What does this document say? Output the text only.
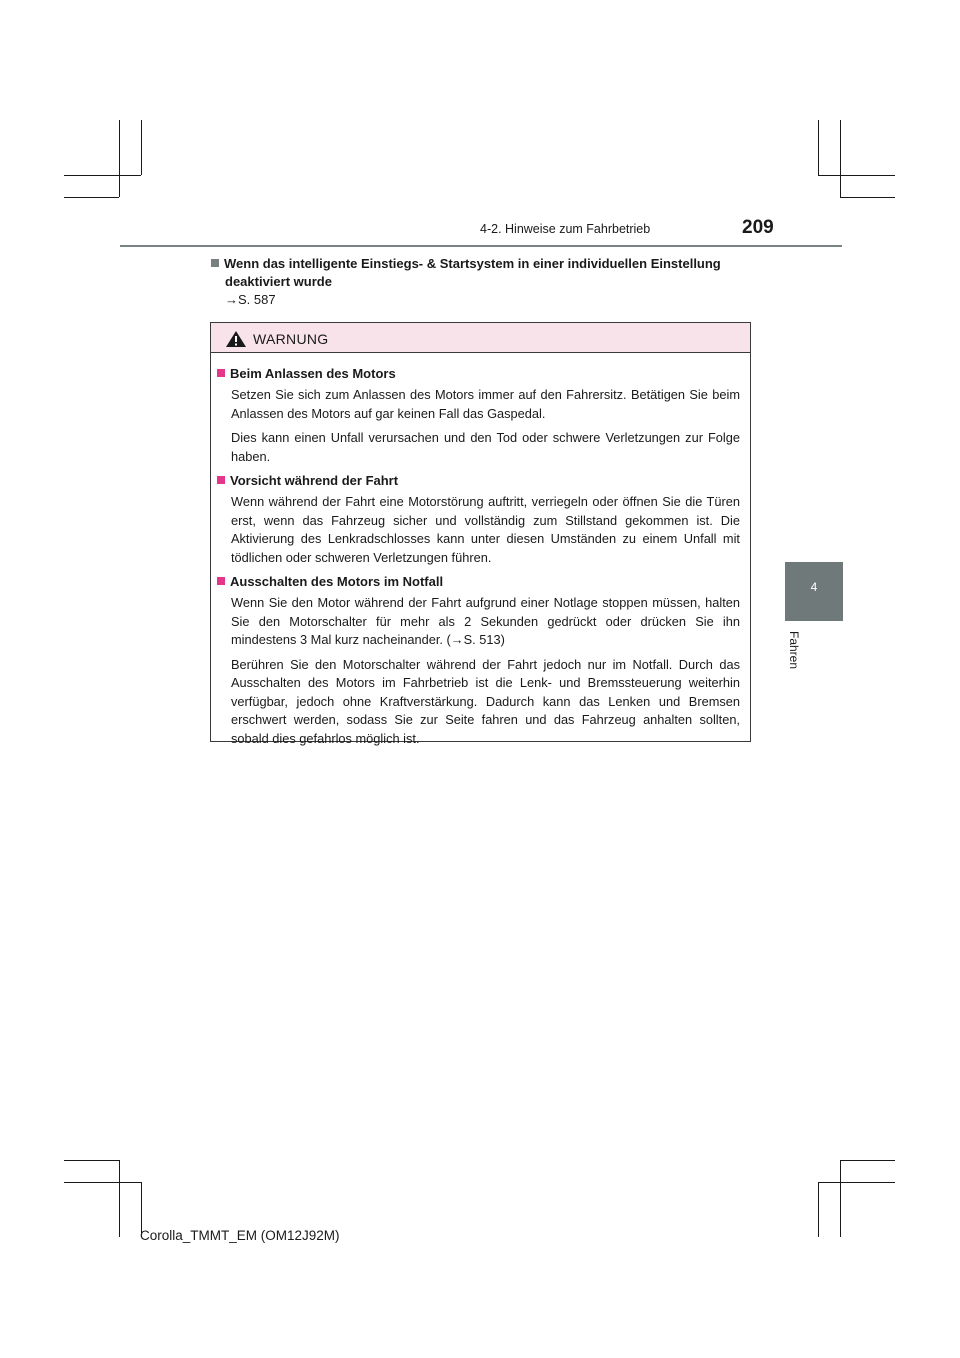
4-2. Hinweise zum Fahrbetrieb	209
4
Fahren
Wenn das intelligente Einstiegs- & Startsystem in einer individuellen Einstellung
deaktiviert wurde
→S. 587
WARNUNG
Beim Anlassen des Motors

Setzen Sie sich zum Anlassen des Motors immer auf den Fahrersitz. Betätigen Sie beim Anlassen des Motors auf gar keinen Fall das Gaspedal.

Dies kann einen Unfall verursachen und den Tod oder schwere Verletzungen zur Folge haben.

Vorsicht während der Fahrt

Wenn während der Fahrt eine Motorstörung auftritt, verriegeln oder öffnen Sie die Türen erst, wenn das Fahrzeug sicher und vollständig zum Stillstand gekommen ist. Die Aktivierung des Lenkradschlosses kann unter diesen Umständen zu einem Unfall mit tödlichen oder schweren Verletzungen führen.

Ausschalten des Motors im Notfall

Wenn Sie den Motor während der Fahrt aufgrund einer Notlage stoppen müssen, halten Sie den Motorschalter für mehr als 2 Sekunden gedrückt oder drücken Sie ihn mindestens 3 Mal kurz nacheinander. (→S. 513)

Berühren Sie den Motorschalter während der Fahrt jedoch nur im Notfall. Durch das Ausschalten des Motors im Fahrbetrieb ist die Lenk- und Bremssteuerung weiterhin verfügbar, jedoch ohne Kraftverstärkung. Dadurch kann das Lenken und Bremsen erschwert werden, sodass Sie zur Seite fahren und das Fahrzeug anhalten sollten, sobald dies gefahrlos möglich ist.

Corolla_TMMT_EM (OM12J92M)
